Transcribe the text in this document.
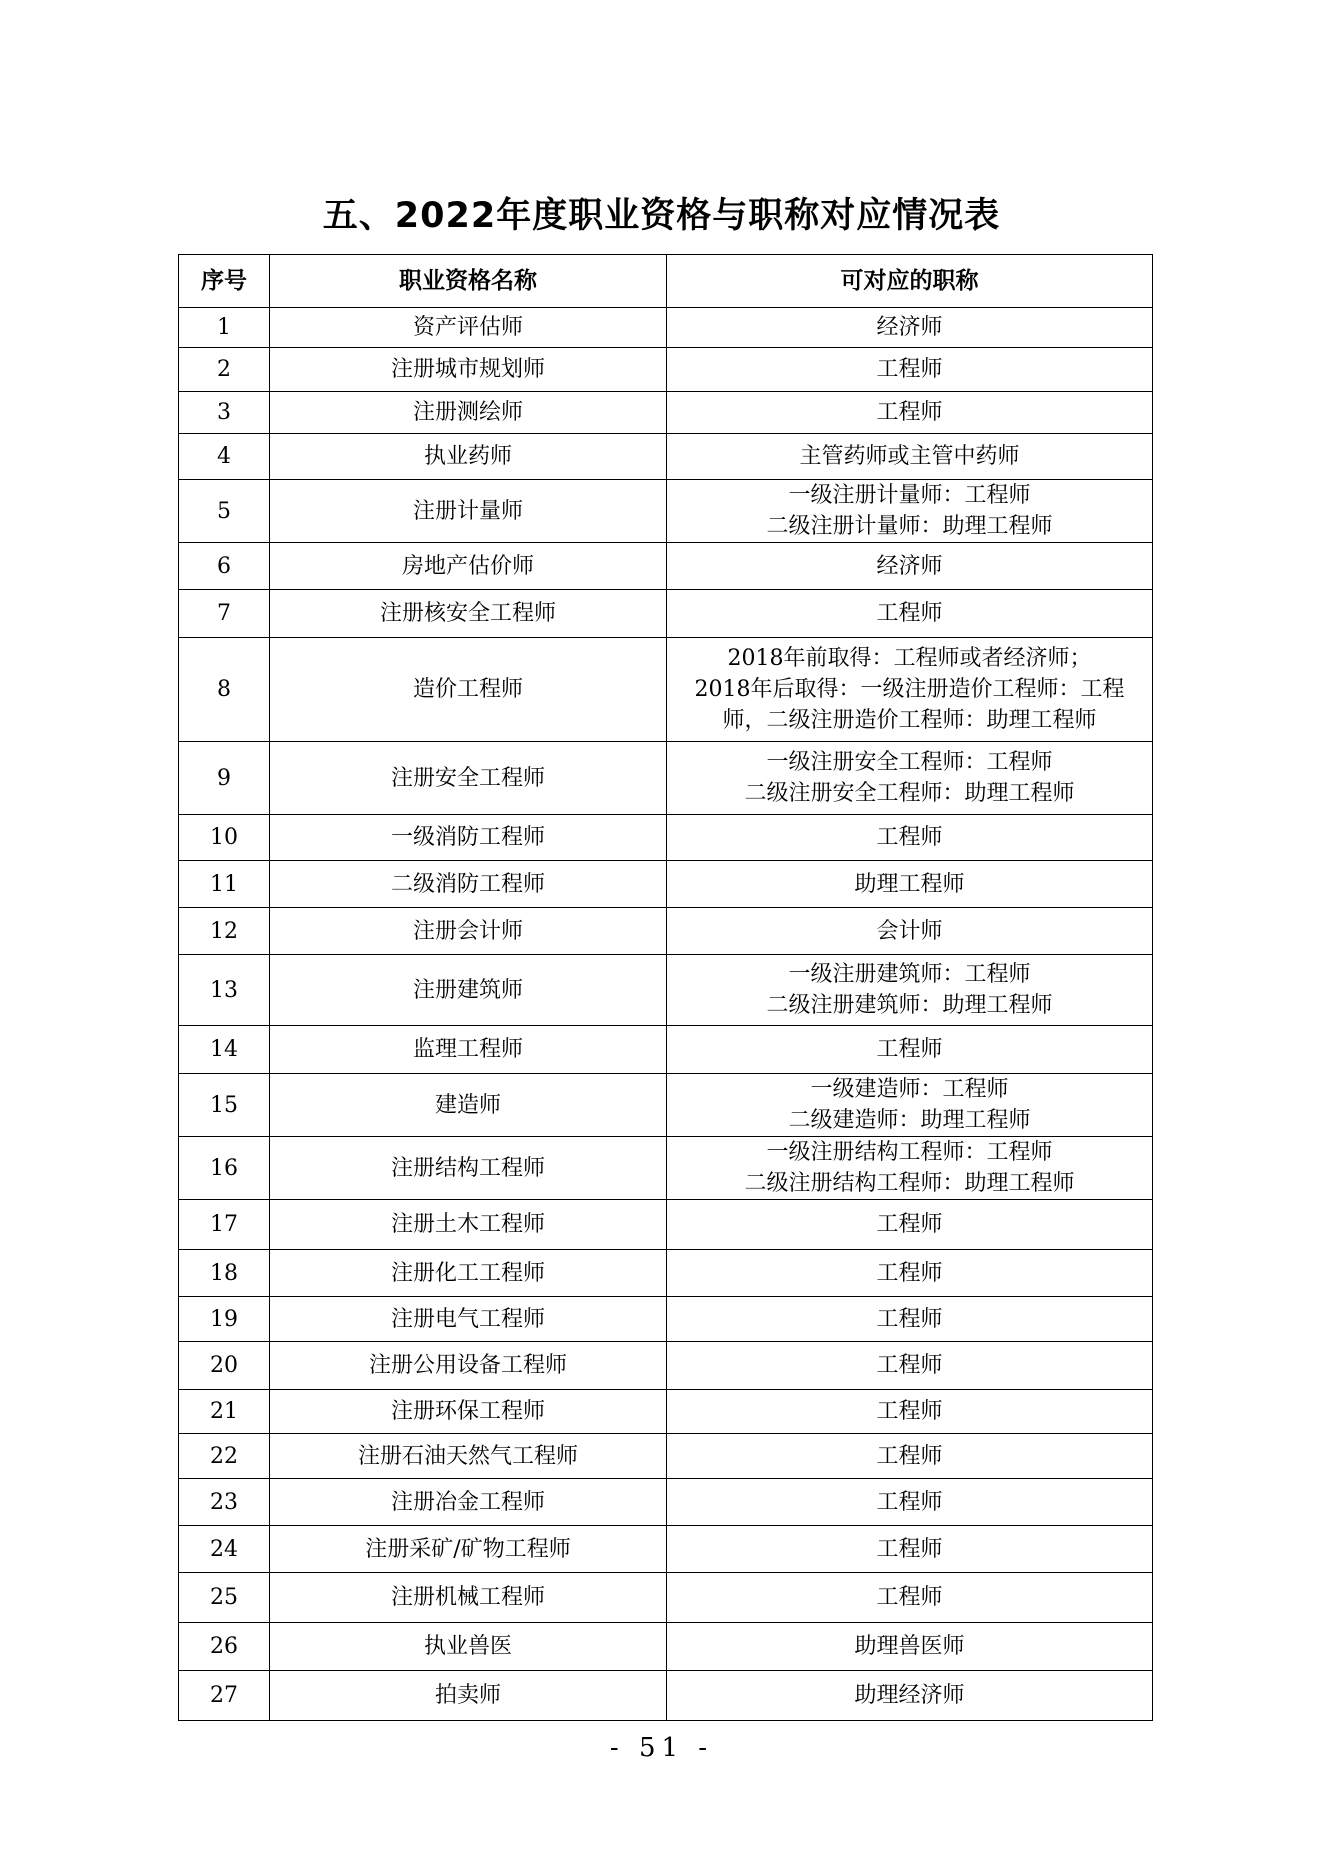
五、2022年度职业资格与职称对应情况表
序号	职业资格名称	可对应的职称
1	资产评估师	经济师

2	注册城市规划师	工程师

3	注册测绘师	工程师

4	执业药师	主管药师或主管中药师

5	注册计量师	一级注册计量师：工程师
二级注册计量师：助理工程师

6	房地产估价师	经济师

7	注册核安全工程师	工程师

8	造价工程师	2018年前取得：工程师或者经济师；
2018年后取得：一级注册造价工程师：工程
师，二级注册造价工程师：助理工程师

9	注册安全工程师	一级注册安全工程师：工程师
二级注册安全工程师：助理工程师

10	一级消防工程师	工程师

11	二级消防工程师	助理工程师

12	注册会计师	会计师

13	注册建筑师	一级注册建筑师：工程师
二级注册建筑师：助理工程师

14	监理工程师	工程师

15	建造师	一级建造师：工程师
二级建造师：助理工程师

16	注册结构工程师	一级注册结构工程师：工程师
二级注册结构工程师：助理工程师

17	注册土木工程师	工程师

18	注册化工工程师	工程师

19	注册电气工程师	工程师

20	注册公用设备工程师	工程师

21	注册环保工程师	工程师

22	注册石油天然气工程师	工程师

23	注册冶金工程师	工程师

24	注册采矿/矿物工程师	工程师

25	注册机械工程师	工程师

26	执业兽医	助理兽医师

27	拍卖师	助理经济师
- 51 -
